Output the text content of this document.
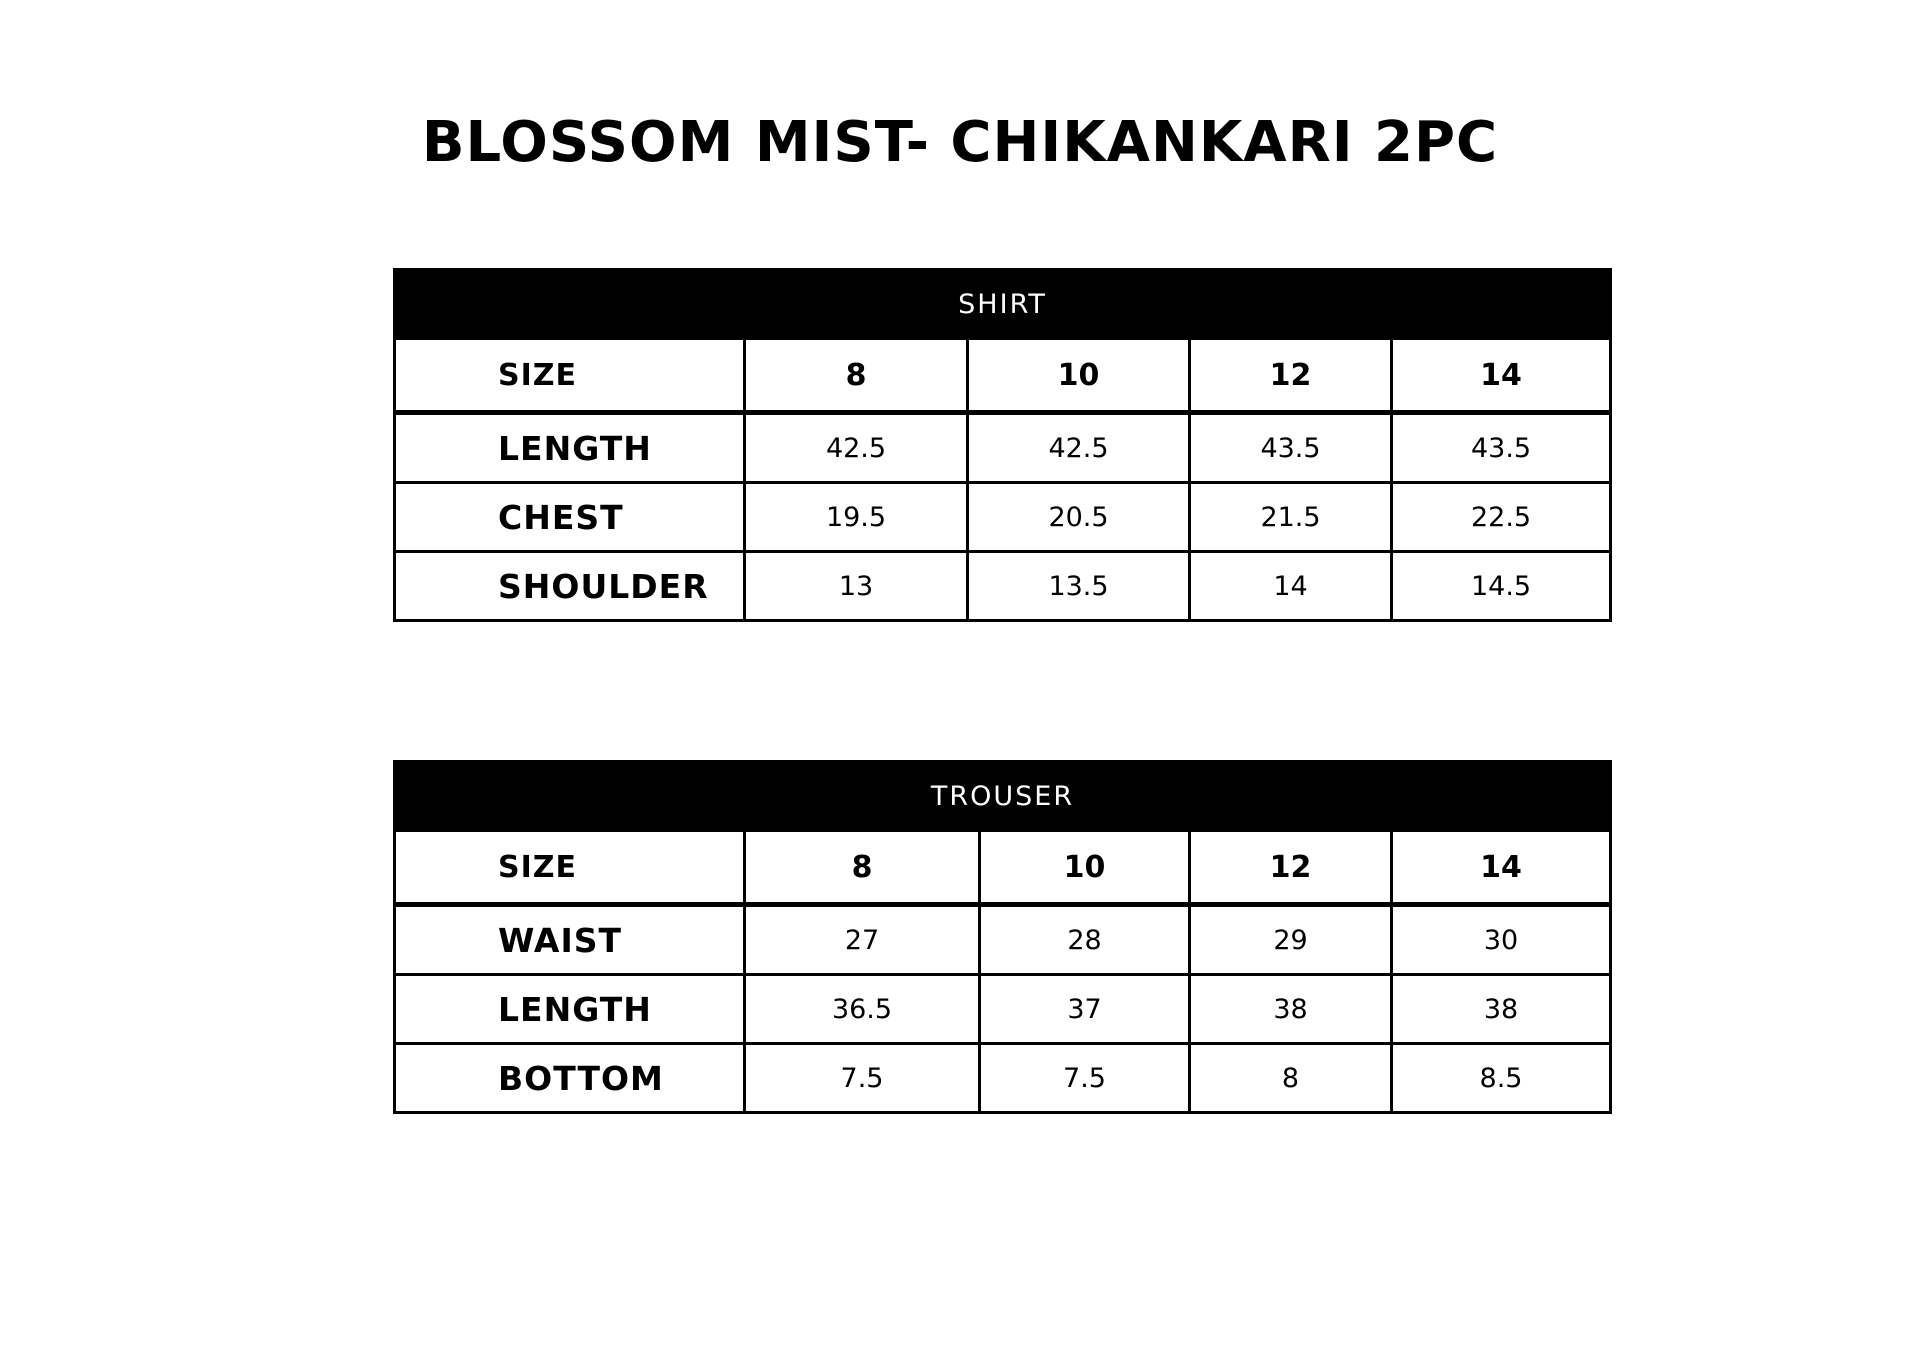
BLOSSOM MIST- CHIKANKARI 2PC
SHIRT				
SIZE	8	10	12	14
LENGTH	42.5	42.5	43.5	43.5
CHEST	19.5	20.5	21.5	22.5
SHOULDER	13	13.5	14	14.5
TROUSER				
SIZE	8	10	12	14
WAIST	27	28	29	30
LENGTH	36.5	37	38	38
BOTTOM	7.5	7.5	8	8.5
